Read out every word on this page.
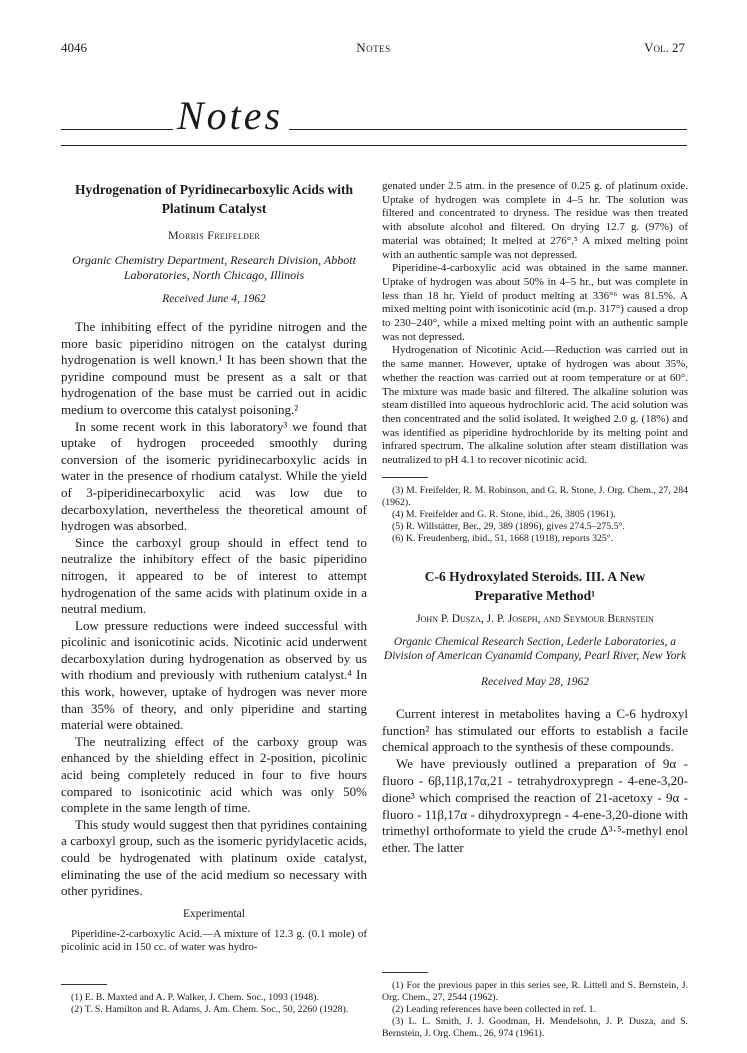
4046	Notes	Vol. 27
Notes
Hydrogenation of Pyridinecarboxylic Acids with Platinum Catalyst
Morris Freifelder
Organic Chemistry Department, Research Division, Abbott Laboratories, North Chicago, Illinois
Received June 4, 1962

The inhibiting effect of the pyridine nitrogen and the more basic piperidino nitrogen on the catalyst during hydrogenation is well known.¹ It has been shown that the pyridine compound must be present as a salt or that hydrogenation of the base must be carried out in acidic medium to overcome this catalyst poisoning.²

In some recent work in this laboratory³ we found that uptake of hydrogen proceeded smoothly during conversion of the isomeric pyridinecarboxylic acids in water in the presence of rhodium catalyst. While the yield of 3-piperidinecarboxylic acid was low due to decarboxylation, nevertheless the theoretical amount of hydrogen was absorbed.

Since the carboxyl group should in effect tend to neutralize the inhibitory effect of the basic piperidino nitrogen, it appeared to be of interest to attempt hydrogenation of the same acids with platinum oxide in a neutral medium.

Low pressure reductions were indeed successful with picolinic and isonicotinic acids. Nicotinic acid underwent decarboxylation during hydrogenation as observed by us with rhodium and previously with ruthenium catalyst.⁴ In this work, however, uptake of hydrogen was never more than 35% of theory, and only piperidine and starting material were obtained.

The neutralizing effect of the carboxy group was enhanced by the shielding effect in 2-position, picolinic acid being completely reduced in four to five hours compared to isonicotinic acid which was only 50% complete in the same length of time.

This study would suggest then that pyridines containing a carboxyl group, such as the isomeric pyridylacetic acids, could be hydrogenated with platinum oxide catalyst, eliminating the use of the acid medium so necessary with other pyridines.

Experimental

Piperidine-2-carboxylic Acid.—A mixture of 12.3 g. (0.1 mole) of picolinic acid in 150 cc. of water was hydro-

(1) E. B. Maxted and A. P. Walker, J. Chem. Soc., 1093 (1948).

(2) T. S. Hamilton and R. Adams, J. Am. Chem. Soc., 50, 2260 (1928).

genated under 2.5 atm. in the presence of 0.25 g. of platinum oxide. Uptake of hydrogen was complete in 4–5 hr. The solution was filtered and concentrated to dryness. The residue was then treated with absolute alcohol and filtered. On drying 12.7 g. (97%) of material was obtained; It melted at 276°.⁵ A mixed melting point with an authentic sample was not depressed.

Piperidine-4-carboxylic acid was obtained in the same manner. Uptake of hydrogen was about 50% in 4–5 hr., but was complete in less than 18 hr. Yield of product melting at 336°⁶ was 81.5%. A mixed melting point with isonicotinic acid (m.p. 317°) caused a drop to 230–240°, while a mixed melting point with an authentic sample was not depressed.

Hydrogenation of Nicotinic Acid.—Reduction was carried out in the same manner. However, uptake of hydrogen was about 35%, whether the reaction was carried out at room temperature or at 60°. The mixture was made basic and filtered. The alkaline solution was steam distilled into aqueous hydrochloric acid. The acid solution was then concentrated and the solid isolated. It weighed 2.0 g. (18%) and was identified as piperidine hydrochloride by its melting point and infrared spectrum. The alkaline solution after steam distillation was neutralized to pH 4.1 to recover nicotinic acid.

(3) M. Freifelder, R. M. Robinson, and G. R. Stone, J. Org. Chem., 27, 284 (1962).

(4) M. Freifelder and G. R. Stone, ibid., 26, 3805 (1961).

(5) R. Willstätter, Ber., 29, 389 (1896), gives 274.5–275.5°.

(6) K. Freudenberg, ibid., 51, 1668 (1918), reports 325°.

C-6 Hydroxylated Steroids. III. A New Preparative Method¹
John P. Dusza, J. P. Joseph, and Seymour Bernstein
Organic Chemical Research Section, Lederle Laboratories, a Division of American Cyanamid Company, Pearl River, New York
Received May 28, 1962

Current interest in metabolites having a C-6 hydroxyl function² has stimulated our efforts to establish a facile chemical approach to the synthesis of these compounds.

We have previously outlined a preparation of 9α - fluoro - 6β,11β,17α,21 - tetrahydroxypregn - 4-ene-3,20-dione³ which comprised the reaction of 21-acetoxy - 9α - fluoro - 11β,17α - dihydroxypregn - 4-ene-3,20-dione with trimethyl orthoformate to yield the crude Δ³·⁵-methyl enol ether. The latter

(1) For the previous paper in this series see, R. Littell and S. Bernstein, J. Org. Chem., 27, 2544 (1962).

(2) Leading references have been collected in ref. 1.

(3) L. L. Smith, J. J. Goodman, H. Mendelsohn, J. P. Dusza, and S. Bernstein, J. Org. Chem., 26, 974 (1961).
